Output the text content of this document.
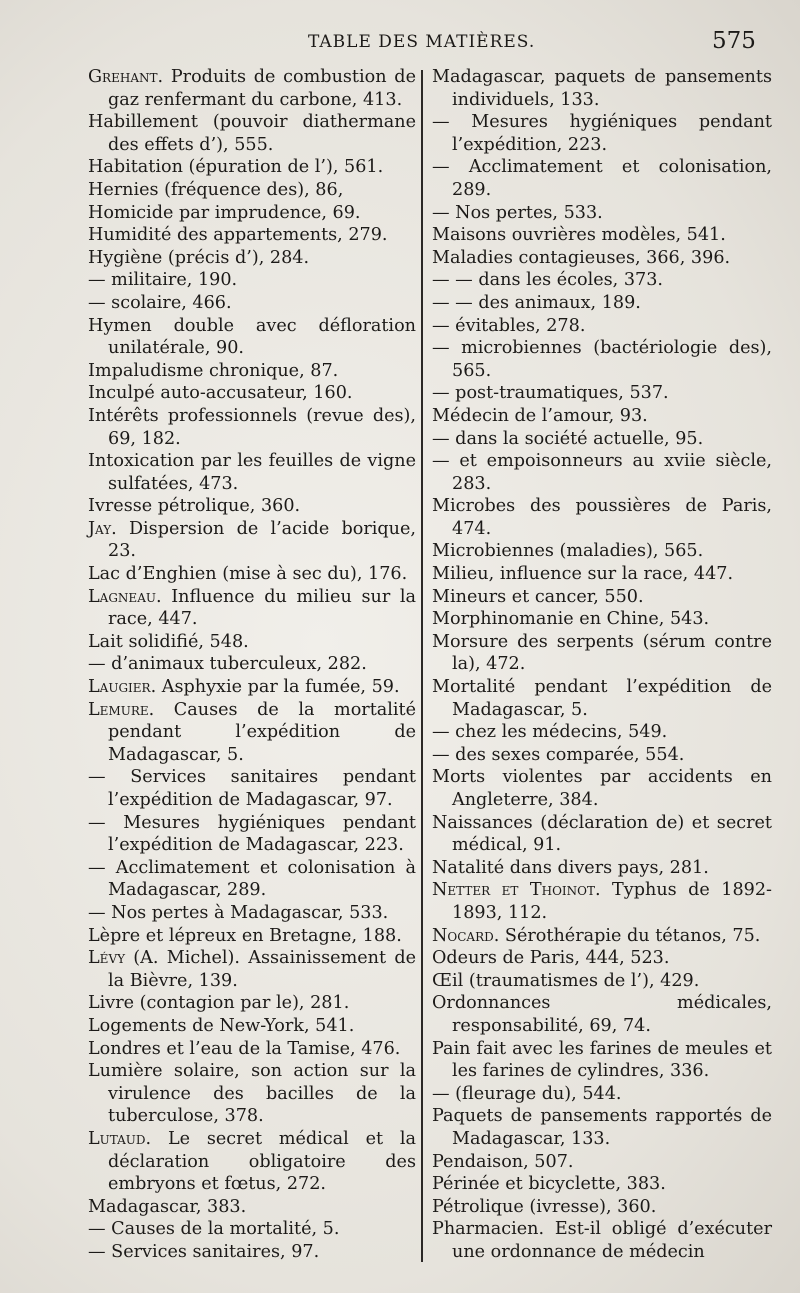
TABLE DES MATIÈRES.	575
Grehant. Produits de combustion de gaz renfermant du carbone, 413.
Habillement (pouvoir diathermane des effets d’), 555.
Habitation (épuration de l’), 561.
Hernies (fréquence des), 86,
Homicide par imprudence, 69.
Humidité des appartements, 279.
Hygiène (précis d’), 284.
— militaire, 190.
— scolaire, 466.
Hymen double avec défloration unilatérale, 90.
Impaludisme chronique, 87.
Inculpé auto-accusateur, 160.
Intérêts professionnels (revue des), 69, 182.
Intoxication par les feuilles de vigne sulfatées, 473.
Ivresse pétrolique, 360.
Jay. Dispersion de l’acide borique, 23.
Lac d’Enghien (mise à sec du), 176.
Lagneau. Influence du milieu sur la race, 447.
Lait solidifié, 548.
— d’animaux tuberculeux, 282.
Laugier. Asphyxie par la fumée, 59.
Lemure. Causes de la mortalité pendant l’expédition de Madagascar, 5.
— Services sanitaires pendant l’expédition de Madagascar, 97.
— Mesures hygiéniques pendant l’expédition de Madagascar, 223.
— Acclimatement et colonisation à Madagascar, 289.
— Nos pertes à Madagascar, 533.
Lèpre et lépreux en Bretagne, 188.
Lévy (A. Michel). Assainissement de la Bièvre, 139.
Livre (contagion par le), 281.
Logements de New-York, 541.
Londres et l’eau de la Tamise, 476.
Lumière solaire, son action sur la virulence des bacilles de la tuberculose, 378.
Lutaud. Le secret médical et la déclaration obligatoire des embryons et fœtus, 272.
Madagascar, 383.
— Causes de la mortalité, 5.
— Services sanitaires, 97.
Madagascar, paquets de pansements individuels, 133.
— Mesures hygiéniques pendant l’expédition, 223.
— Acclimatement et colonisation, 289.
— Nos pertes, 533.
Maisons ouvrières modèles, 541.
Maladies contagieuses, 366, 396.
— — dans les écoles, 373.
— — des animaux, 189.
— évitables, 278.
— microbiennes (bactériologie des), 565.
— post-traumatiques, 537.
Médecin de l’amour, 93.
— dans la société actuelle, 95.
— et empoisonneurs au xviie siècle, 283.
Microbes des poussières de Paris, 474.
Microbiennes (maladies), 565.
Milieu, influence sur la race, 447.
Mineurs et cancer, 550.
Morphinomanie en Chine, 543.
Morsure des serpents (sérum contre la), 472.
Mortalité pendant l’expédition de Madagascar, 5.
— chez les médecins, 549.
— des sexes comparée, 554.
Morts violentes par accidents en Angleterre, 384.
Naissances (déclaration de) et secret médical, 91.
Natalité dans divers pays, 281.
Netter et Thoinot. Typhus de 1892-1893, 112.
Nocard. Sérothérapie du tétanos, 75.
Odeurs de Paris, 444, 523.
Œil (traumatismes de l’), 429.
Ordonnances médicales, responsabilité, 69, 74.
Pain fait avec les farines de meules et les farines de cylindres, 336.
— (fleurage du), 544.
Paquets de pansements rapportés de Madagascar, 133.
Pendaison, 507.
Périnée et bicyclette, 383.
Pétrolique (ivresse), 360.
Pharmacien. Est-il obligé d’exécuter une ordonnance de médecin
